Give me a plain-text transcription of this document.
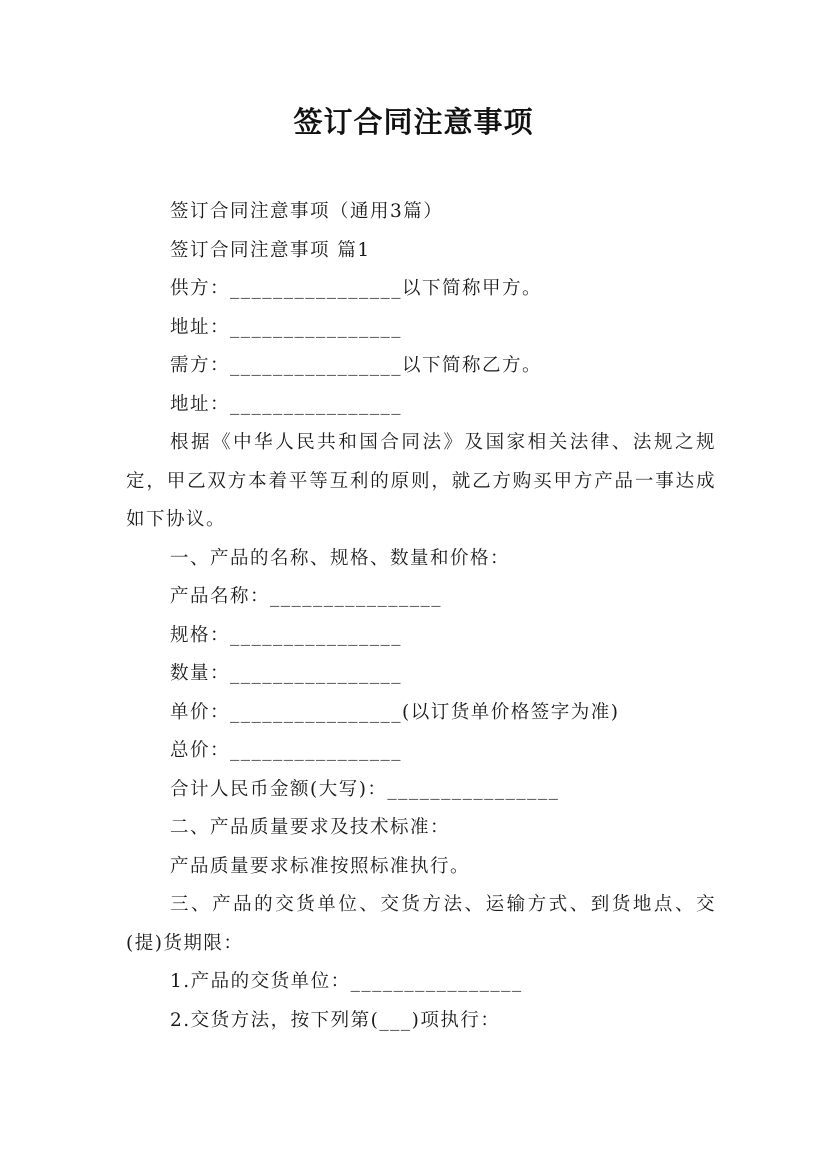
签订合同注意事项

签订合同注意事项（通用3篇）

签订合同注意事项 篇1

供方：________________以下简称甲方。

地址：________________

需方：________________以下简称乙方。

地址：________________

根据《中华人民共和国合同法》及国家相关法律、法规之规定，甲乙双方本着平等互利的原则，就乙方购买甲方产品一事达成如下协议。

一、产品的名称、规格、数量和价格：

产品名称：________________

规格：________________

数量：________________

单价：________________(以订货单价格签字为准)

总价：________________

合计人民币金额(大写)：________________

二、产品质量要求及技术标准：

产品质量要求标准按照标准执行。

三、产品的交货单位、交货方法、运输方式、到货地点、交(提)货期限：

1.产品的交货单位：________________

2.交货方法，按下列第(___)项执行：
